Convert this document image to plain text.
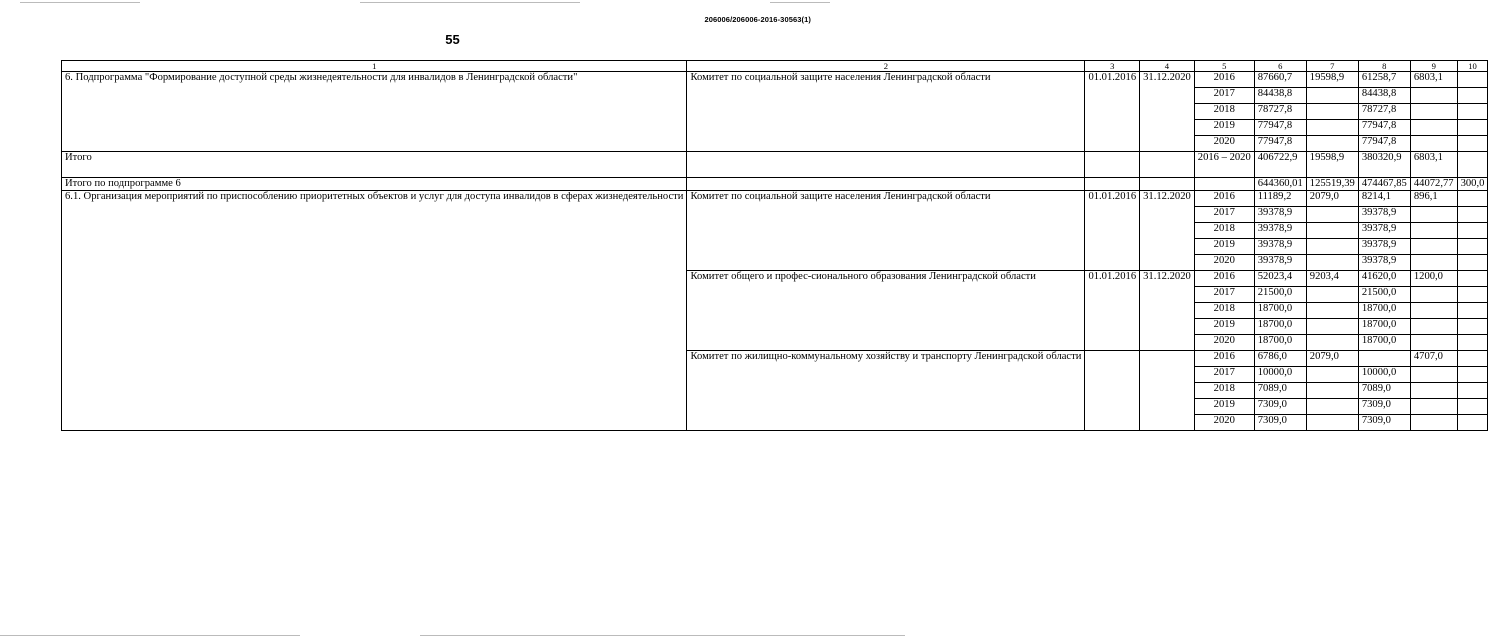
206006/206006-2016-30563(1)
55
1	2	3	4	5	6	7	8	9	10
6. Подпрограмма "Формирование доступной среды жизнедеятельности для инвалидов в Ленинградской области"	Комитет по социальной защите населения Ленинградской области	01.01.2016	31.12.2020	2016	87660,7	19598,9	61258,7	6803,1	
				2017	84438,8		84438,8		
				2018	78727,8		78727,8		
				2019	77947,8		77947,8		
				2020	77947,8		77947,8		
Итого				2016 – 2020	406722,9	19598,9	380320,9	6803,1	
Итого по подпрограмме 6					644360,01	125519,39	474467,85	44072,77	300,0
6.1. Организация мероприятий по приспособлению приоритетных объектов и услуг для доступа инвалидов в сферах жизнедеятельности	Комитет по социальной защите населения Ленинградской области	01.01.2016	31.12.2020	2016	11189,2	2079,0	8214,1	896,1	
				2017	39378,9		39378,9		
				2018	39378,9		39378,9		
				2019	39378,9		39378,9		
				2020	39378,9		39378,9		
	Комитет общего и профес-сионального образования Ленинградской области	01.01.2016	31.12.2020	2016	52023,4	9203,4	41620,0	1200,0	
				2017	21500,0		21500,0		
				2018	18700,0		18700,0		
				2019	18700,0		18700,0		
				2020	18700,0		18700,0		
	Комитет по жилищно-коммунальному хозяйству и транспорту Ленинградской области			2016	6786,0	2079,0		4707,0	
				2017	10000,0		10000,0		
				2018	7089,0		7089,0		
				2019	7309,0		7309,0		
				2020	7309,0		7309,0		
